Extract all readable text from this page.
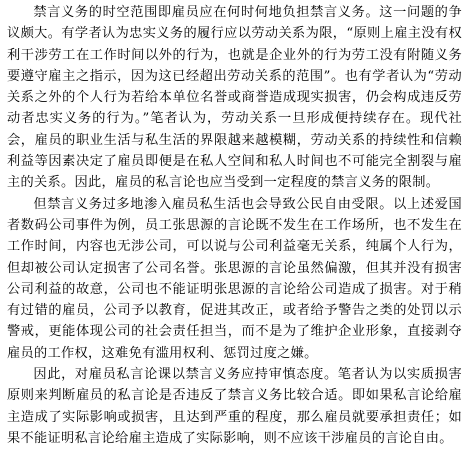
禁言义务的时空范围即雇员应在何时何地负担禁言义务。这一问题的争议颇大。有学者认为忠实义务的履行应以劳动关系为限，“原则上雇主没有权利干涉劳工在工作时间以外的行为，也就是企业外的行为劳工没有附随义务要遵守雇主之指示，因为这已经超出劳动关系的范围”。也有学者认为“劳动关系之外的个人行为若给本单位名誉或商誉造成现实损害，仍会构成违反劳动者忠实义务的行为。”笔者认为，劳动关系一旦形成便持续存在。现代社会，雇员的职业生活与私生活的界限越来越模糊，劳动关系的持续性和信赖利益等因素决定了雇员即便是在私人空间和私人时间也不可能完全割裂与雇主的关系。因此，雇员的私言论也应当受到一定程度的禁言义务的限制。

但禁言义务过多地渗入雇员私生活也会导致公民自由受限。以上述爱国者数码公司事件为例，员工张思源的言论既不发生在工作场所，也不发生在工作时间，内容也无涉公司，可以说与公司利益毫无关系，纯属个人行为，但却被公司认定损害了公司名誉。张思源的言论虽然偏激，但其并没有损害公司利益的故意，公司也不能证明张思源的言论给公司造成了损害。对于稍有过错的雇员，公司予以教育，促进其改正，或者给予警告之类的处罚以示警戒，更能体现公司的社会责任担当，而不是为了维护企业形象，直接剥夺雇员的工作权，这难免有滥用权利、惩罚过度之嫌。

因此，对雇员私言论课以禁言义务应持审慎态度。笔者认为以实质损害原则来判断雇员的私言论是否违反了禁言义务比较合适。即如果私言论给雇主造成了实际影响或损害，且达到严重的程度，那么雇员就要承担责任；如果不能证明私言论给雇主造成了实际影响，则不应该干涉雇员的言论自由。
